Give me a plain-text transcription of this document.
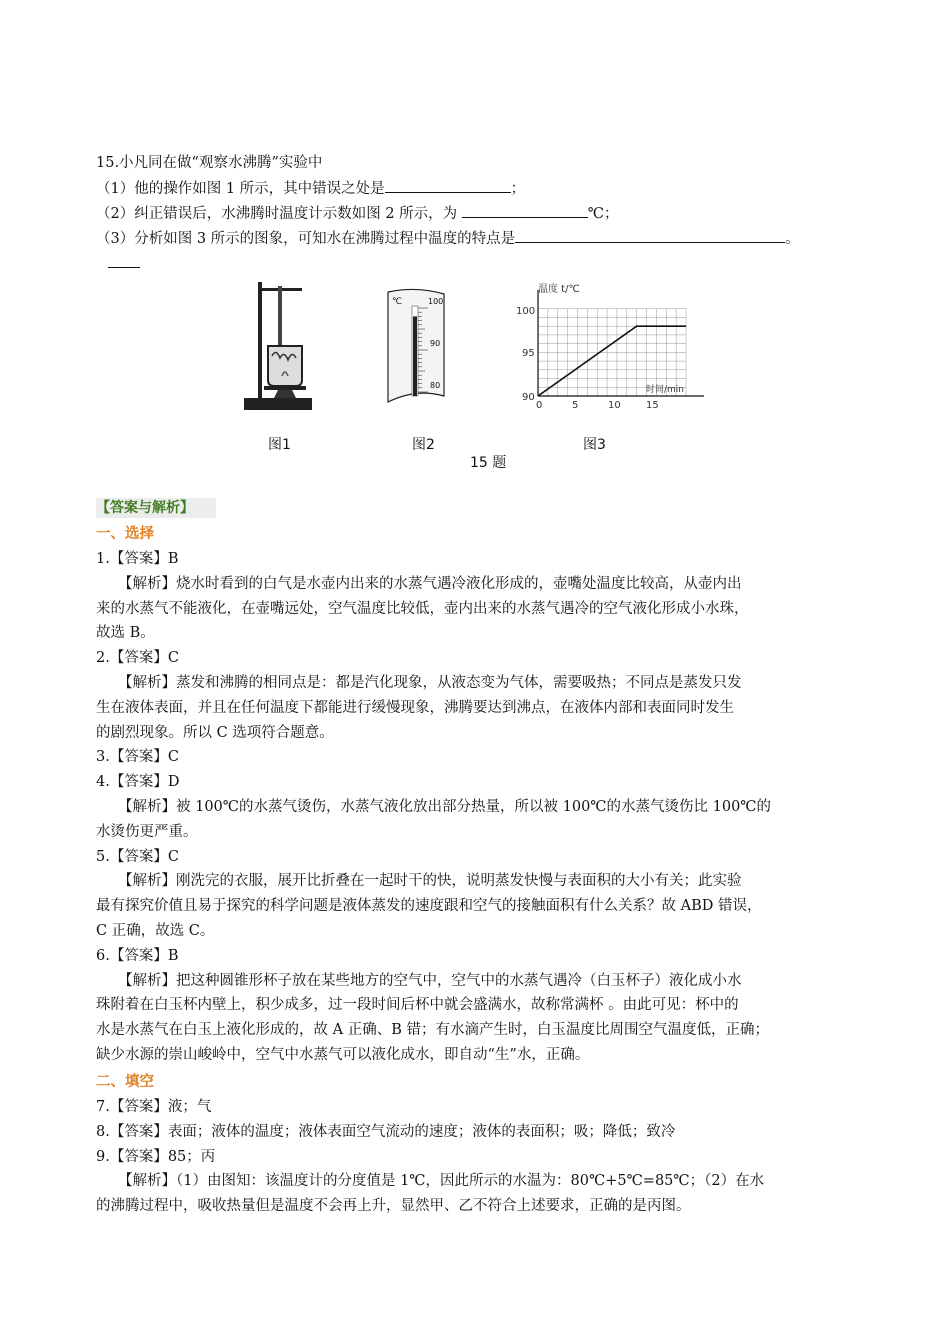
15.小凡同在做“观察水沸腾”实验中
（1）他的操作如图 1 所示，其中错误之处是	；
（2）纠正错误后，水沸腾时温度计示数如图 2 所示，为	℃；
（3）分析如图 3 所示的图象，可知水在沸腾过程中温度的特点是	。
图1
℃	100
90
80
图2
温度 t/℃
时间/min
100
95
90
0	5	10	15
图3
15 题
【答案与解析】
一、选择
1.【答案】B
【解析】烧水时看到的白气是水壶内出来的水蒸气遇冷液化形成的，壶嘴处温度比较高，从壶内出
来的水蒸气不能液化，在壶嘴远处，空气温度比较低，壶内出来的水蒸气遇冷的空气液化形成小水珠，
故选 B。
2.【答案】C
【解析】蒸发和沸腾的相同点是：都是汽化现象，从液态变为气体，需要吸热；不同点是蒸发只发
生在液体表面，并且在任何温度下都能进行缓慢现象，沸腾要达到沸点，在液体内部和表面同时发生
的剧烈现象。所以 C 选项符合题意。
3.【答案】C
4.【答案】D
【解析】被 100℃的水蒸气烫伤，水蒸气液化放出部分热量，所以被 100℃的水蒸气烫伤比 100℃的
水烫伤更严重。
5.【答案】C
【解析】刚洗完的衣服，展开比折叠在一起时干的快，说明蒸发快慢与表面积的大小有关；此实验
最有探究价值且易于探究的科学问题是液体蒸发的速度跟和空气的接触面积有什么关系？故 ABD 错误，
C 正确，故选 C。
6.【答案】B
【解析】把这种圆锥形杯子放在某些地方的空气中，空气中的水蒸气遇冷（白玉杯子）液化成小水
珠附着在白玉杯内壁上，积少成多，过一段时间后杯中就会盛满水，故称常满杯 。由此可见：杯中的
水是水蒸气在白玉上液化形成的，故 A 正确、B 错；有水滴产生时，白玉温度比周围空气温度低，正确；
缺少水源的崇山峻岭中，空气中水蒸气可以液化成水，即自动“生”水，正确。
7.【答案】液；气
8.【答案】表面；液体的温度；液体表面空气流动的速度；液体的表面积；吸；降低；致冷
9.【答案】85；丙
【解析】（1）由图知：该温度计的分度值是 1℃，因此所示的水温为：80℃+5℃=85℃；（2）在水
的沸腾过程中，吸收热量但是温度不会再上升，显然甲、乙不符合上述要求，正确的是丙图。
二、填空
